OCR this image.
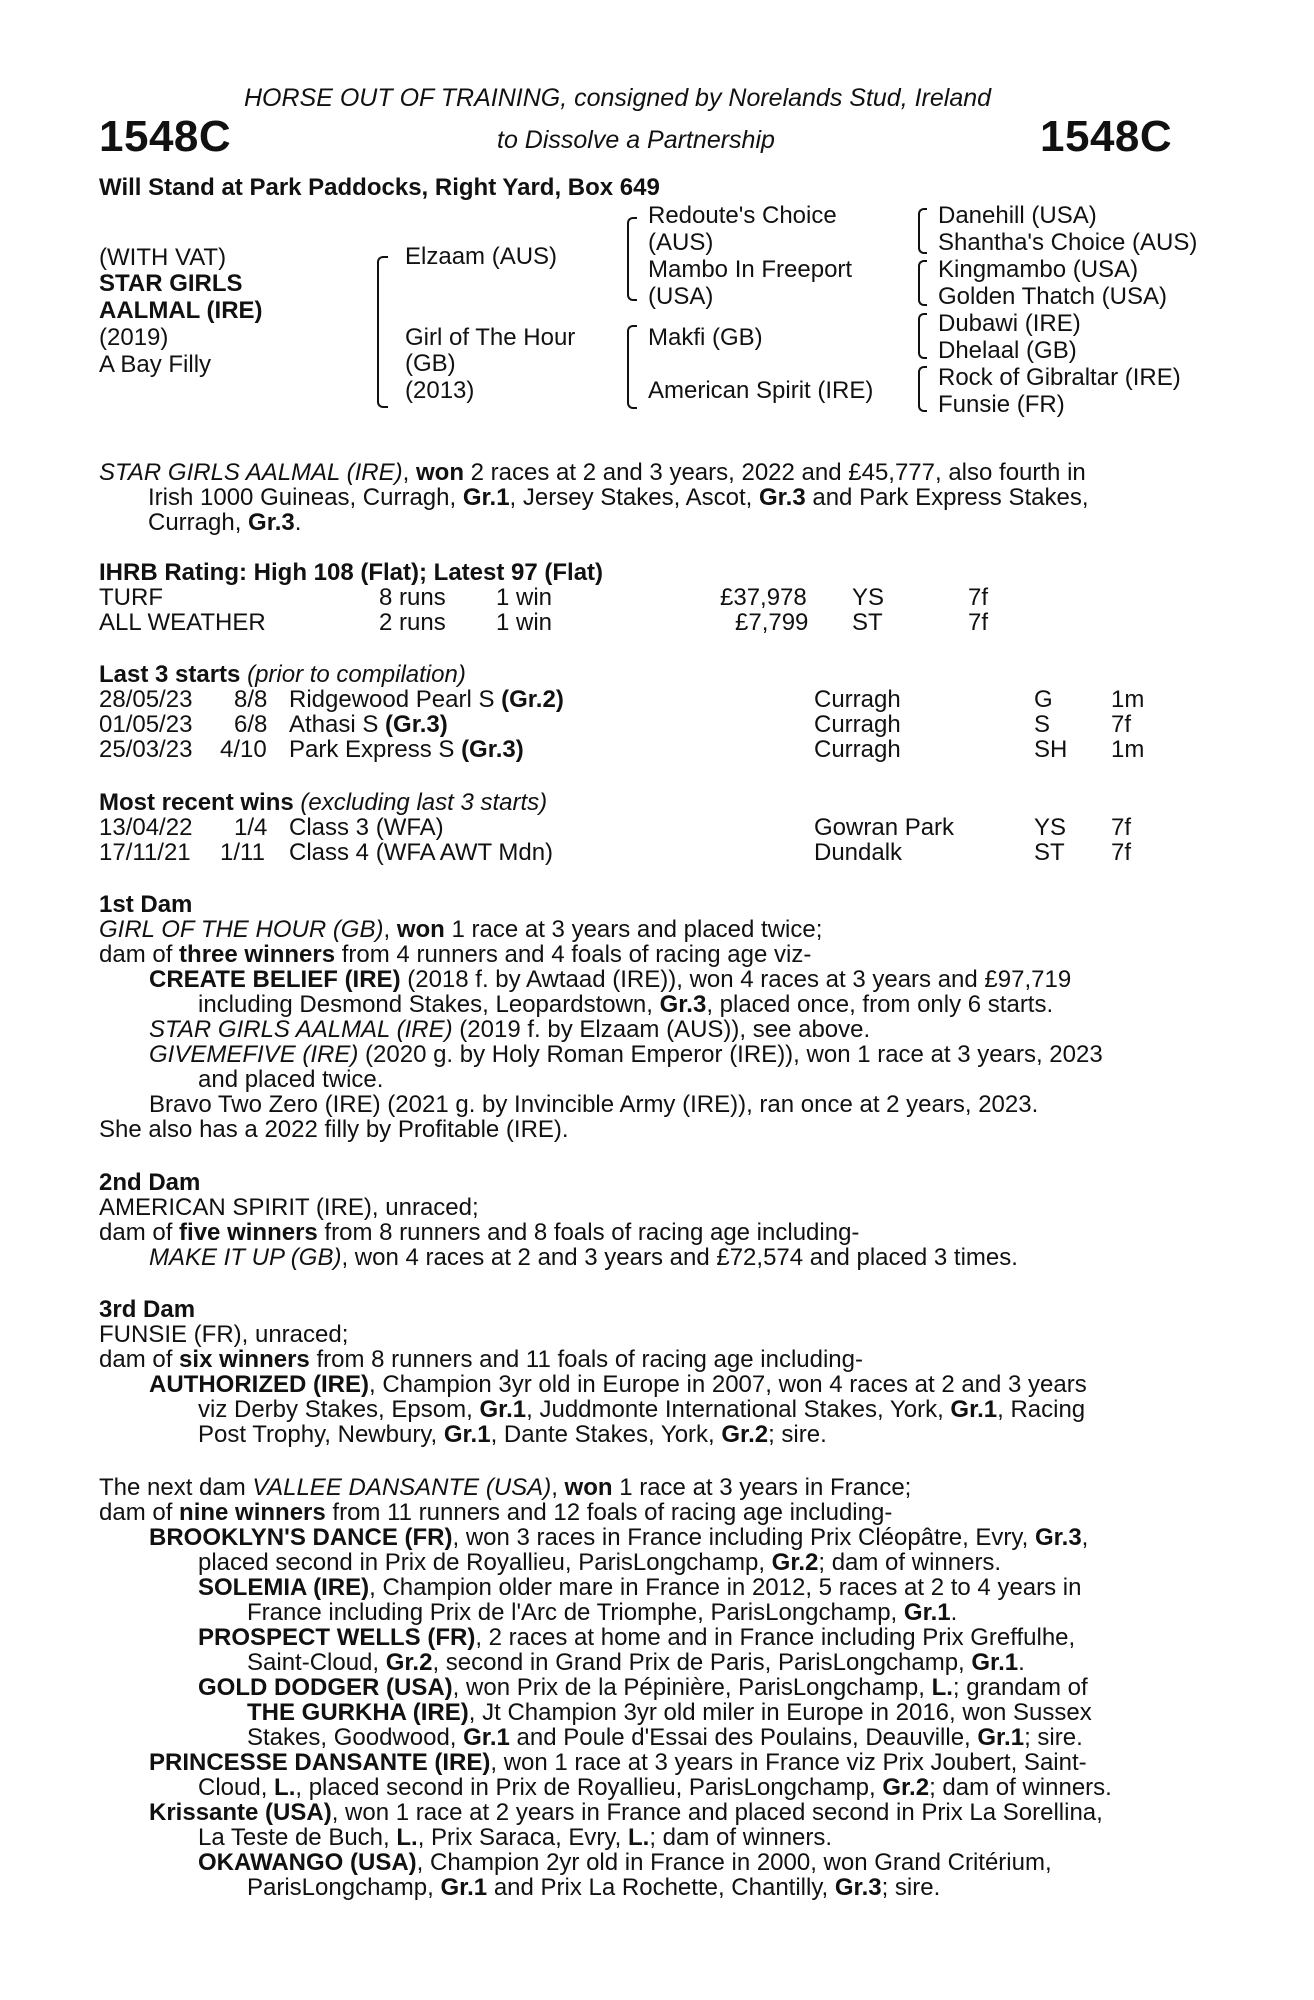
HORSE OUT OF TRAINING, consigned by Norelands Stud, Ireland
1548C	to Dissolve a Partnership	1548C
Will Stand at Park Paddocks, Right Yard, Box 649
(WITH VAT)
STAR GIRLS
AALMAL (IRE)
(2019)
A Bay Filly
Elzaam (AUS)
Girl of The Hour
(GB)
(2013)
Redoute's Choice
(AUS)
Mambo In Freeport
(USA)
Makfi (GB)
American Spirit (IRE)
Danehill (USA)
Shantha's Choice (AUS)
Kingmambo (USA)
Golden Thatch (USA)
Dubawi (IRE)
Dhelaal (GB)
Rock of Gibraltar (IRE)
Funsie (FR)

STAR GIRLS AALMAL (IRE), won 2 races at 2 and 3 years, 2022 and £45,777, also fourth in

Irish 1000 Guineas, Curragh, Gr.1, Jersey Stakes, Ascot, Gr.3 and Park Express Stakes,

Curragh, Gr.3.

IHRB Rating: High 108 (Flat); Latest 97 (Flat)
TURF	8 runs 1 win	£37,978 YS	7f
ALL WEATHER	2 runs 1 win	£7,799 ST	7f
Last 3 starts (prior to compilation)
28/05/23 8/8 Ridgewood Pearl S (Gr.2)	Curragh	G 1m
01/05/23 6/8 Athasi S (Gr.3)	Curragh	S	7f
25/03/23 4/10 Park Express S (Gr.3)	Curragh	SH 1m
Most recent wins (excluding last 3 starts)
13/04/22 1/4 Class 3 (WFA)	Gowran Park	YS 7f
17/11/21 1/11 Class 4 (WFA AWT Mdn)	Dundalk	ST 7f

1st Dam

GIRL OF THE HOUR (GB), won 1 race at 3 years and placed twice;

dam of three winners from 4 runners and 4 foals of racing age viz-

CREATE BELIEF (IRE) (2018 f. by Awtaad (IRE)), won 4 races at 3 years and £97,719

including Desmond Stakes, Leopardstown, Gr.3, placed once, from only 6 starts.

STAR GIRLS AALMAL (IRE) (2019 f. by Elzaam (AUS)), see above.

GIVEMEFIVE (IRE) (2020 g. by Holy Roman Emperor (IRE)), won 1 race at 3 years, 2023

and placed twice.

Bravo Two Zero (IRE) (2021 g. by Invincible Army (IRE)), ran once at 2 years, 2023.

She also has a 2022 filly by Profitable (IRE).

2nd Dam

AMERICAN SPIRIT (IRE), unraced;

dam of five winners from 8 runners and 8 foals of racing age including-

MAKE IT UP (GB), won 4 races at 2 and 3 years and £72,574 and placed 3 times.

3rd Dam

FUNSIE (FR), unraced;

dam of six winners from 8 runners and 11 foals of racing age including-

AUTHORIZED (IRE), Champion 3yr old in Europe in 2007, won 4 races at 2 and 3 years

viz Derby Stakes, Epsom, Gr.1, Juddmonte International Stakes, York, Gr.1, Racing

Post Trophy, Newbury, Gr.1, Dante Stakes, York, Gr.2; sire.

The next dam VALLEE DANSANTE (USA), won 1 race at 3 years in France;

dam of nine winners from 11 runners and 12 foals of racing age including-

BROOKLYN'S DANCE (FR), won 3 races in France including Prix Cléopâtre, Evry, Gr.3,

placed second in Prix de Royallieu, ParisLongchamp, Gr.2; dam of winners.

SOLEMIA (IRE), Champion older mare in France in 2012, 5 races at 2 to 4 years in

France including Prix de l'Arc de Triomphe, ParisLongchamp, Gr.1.

PROSPECT WELLS (FR), 2 races at home and in France including Prix Greffulhe,

Saint-Cloud, Gr.2, second in Grand Prix de Paris, ParisLongchamp, Gr.1.

GOLD DODGER (USA), won Prix de la Pépinière, ParisLongchamp, L.; grandam of

THE GURKHA (IRE), Jt Champion 3yr old miler in Europe in 2016, won Sussex

Stakes, Goodwood, Gr.1 and Poule d'Essai des Poulains, Deauville, Gr.1; sire.

PRINCESSE DANSANTE (IRE), won 1 race at 3 years in France viz Prix Joubert, Saint-

Cloud, L., placed second in Prix de Royallieu, ParisLongchamp, Gr.2; dam of winners.

Krissante (USA), won 1 race at 2 years in France and placed second in Prix La Sorellina,

La Teste de Buch, L., Prix Saraca, Evry, L.; dam of winners.

OKAWANGO (USA), Champion 2yr old in France in 2000, won Grand Critérium,

ParisLongchamp, Gr.1 and Prix La Rochette, Chantilly, Gr.3; sire.
